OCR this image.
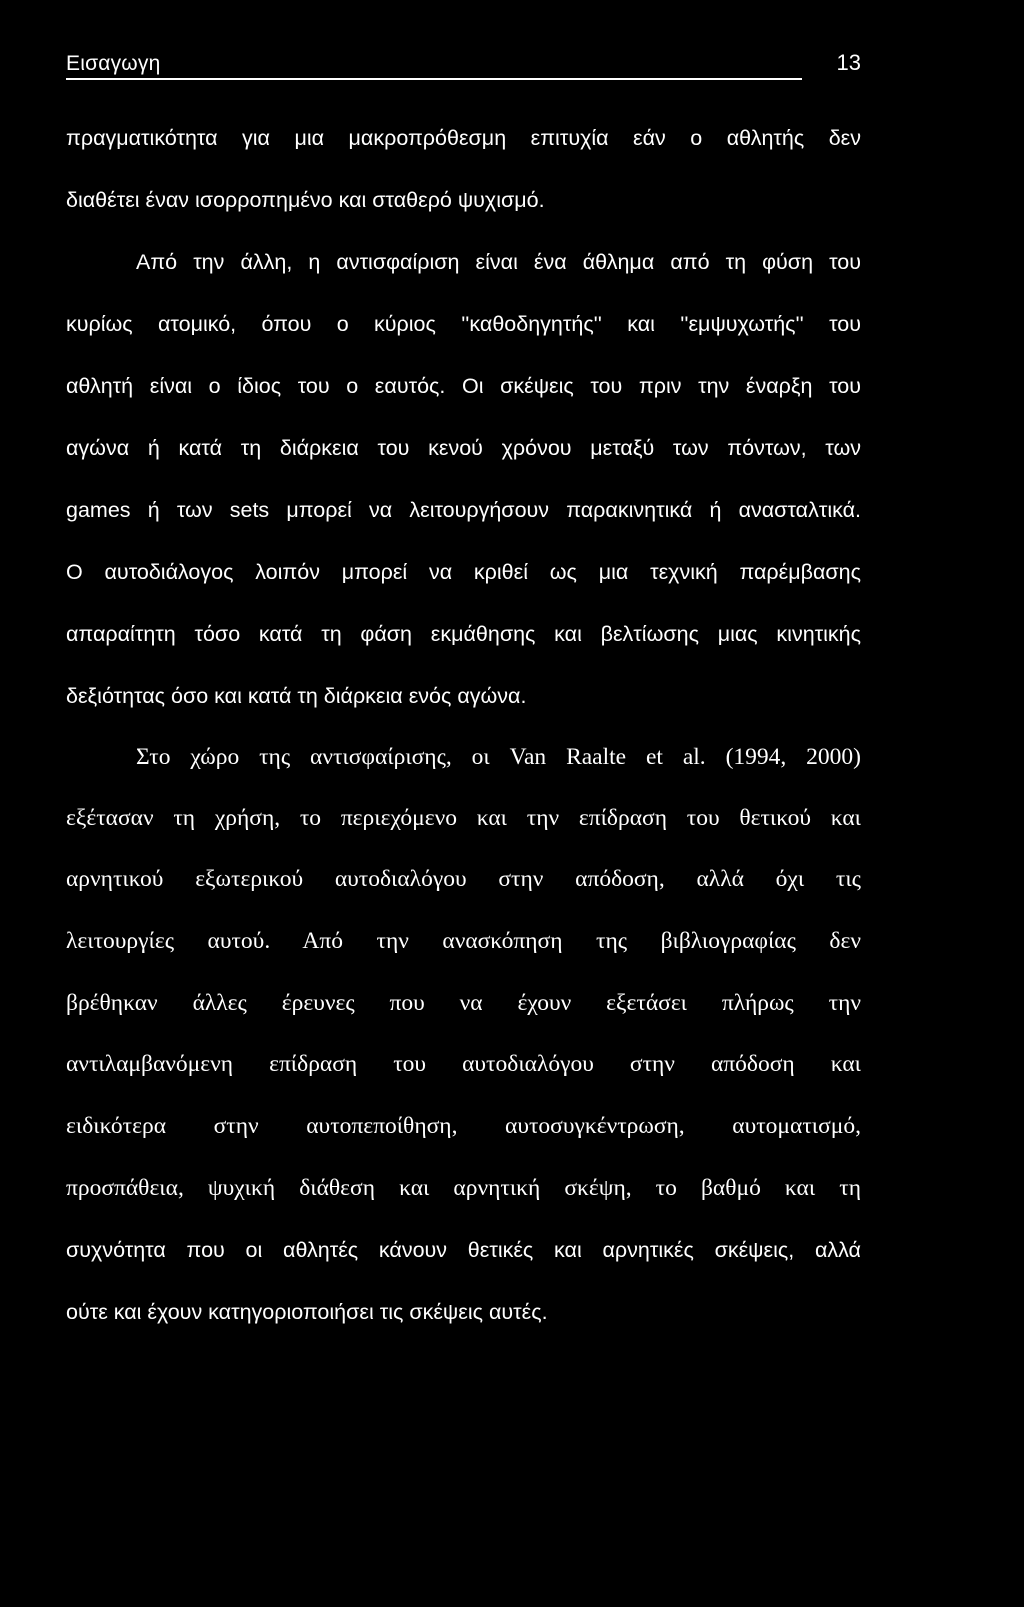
Εισαγωγη	13
πραγματικότητα για μια μακροπρόθεσμη επιτυχία εάν ο αθλητής δεν
διαθέτει έναν ισορροπημένο και σταθερό ψυχισμό.
Από την άλλη, η αντισφαίριση είναι ένα άθλημα από τη φύση του
κυρίως ατομικό, όπου ο κύριος ''καθοδηγητής'' και ''εμψυχωτής'' του
αθλητή είναι ο ίδιος του ο εαυτός. Οι σκέψεις του πριν την έναρξη του
αγώνα ή κατά τη διάρκεια του κενού χρόνου μεταξύ των πόντων, των
games ή των sets μπορεί να λειτουργήσουν παρακινητικά ή ανασταλτικά.
Ο αυτοδιάλογος λοιπόν μπορεί να κριθεί ως μια τεχνική παρέμβασης
απαραίτητη τόσο κατά τη φάση εκμάθησης και βελτίωσης μιας κινητικής
δεξιότητας όσο και κατά τη διάρκεια ενός αγώνα.
Στο χώρο της αντισφαίρισης, οι Van Raalte et al. (1994, 2000)
εξέτασαν τη χρήση, το περιεχόμενο και την επίδραση του θετικού και
αρνητικού εξωτερικού αυτοδιαλόγου στην απόδοση, αλλά όχι τις
λειτουργίες αυτού. Από την ανασκόπηση της βιβλιογραφίας δεν
βρέθηκαν άλλες έρευνες που να έχουν εξετάσει πλήρως την
αντιλαμβανόμενη επίδραση του αυτοδιαλόγου στην απόδοση και
ειδικότερα στην αυτοπεποίθηση, αυτοσυγκέντρωση, αυτοματισμό,
προσπάθεια, ψυχική διάθεση και αρνητική σκέψη, το βαθμό και τη
συχνότητα που οι αθλητές κάνουν θετικές και αρνητικές σκέψεις, αλλά
ούτε και έχουν κατηγοριοποιήσει τις σκέψεις αυτές.
